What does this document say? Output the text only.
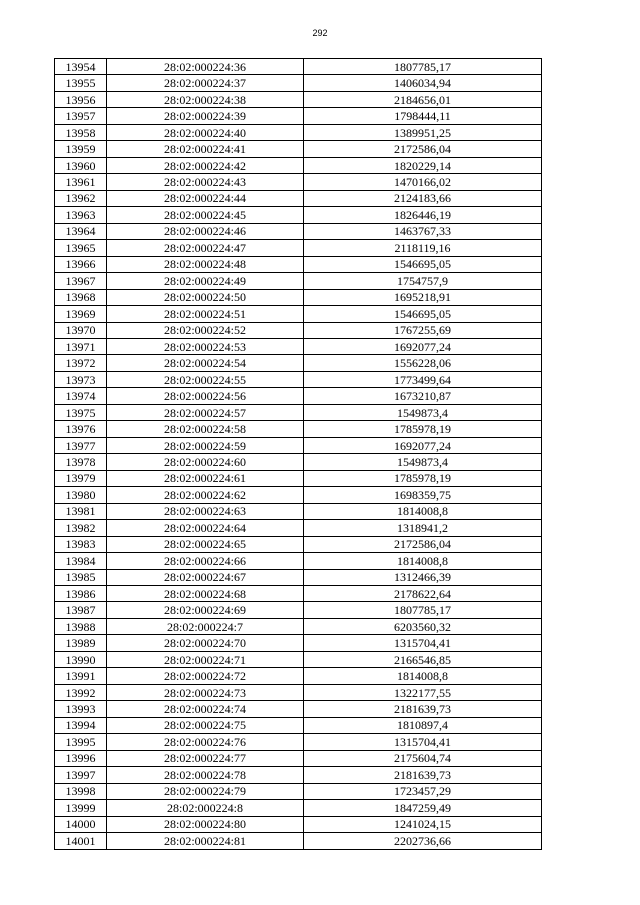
292
13954	28:02:000224:36	1807785,17
13955	28:02:000224:37	1406034,94
13956	28:02:000224:38	2184656,01
13957	28:02:000224:39	1798444,11
13958	28:02:000224:40	1389951,25
13959	28:02:000224:41	2172586,04
13960	28:02:000224:42	1820229,14
13961	28:02:000224:43	1470166,02
13962	28:02:000224:44	2124183,66
13963	28:02:000224:45	1826446,19
13964	28:02:000224:46	1463767,33
13965	28:02:000224:47	2118119,16
13966	28:02:000224:48	1546695,05
13967	28:02:000224:49	1754757,9
13968	28:02:000224:50	1695218,91
13969	28:02:000224:51	1546695,05
13970	28:02:000224:52	1767255,69
13971	28:02:000224:53	1692077,24
13972	28:02:000224:54	1556228,06
13973	28:02:000224:55	1773499,64
13974	28:02:000224:56	1673210,87
13975	28:02:000224:57	1549873,4
13976	28:02:000224:58	1785978,19
13977	28:02:000224:59	1692077,24
13978	28:02:000224:60	1549873,4
13979	28:02:000224:61	1785978,19
13980	28:02:000224:62	1698359,75
13981	28:02:000224:63	1814008,8
13982	28:02:000224:64	1318941,2
13983	28:02:000224:65	2172586,04
13984	28:02:000224:66	1814008,8
13985	28:02:000224:67	1312466,39
13986	28:02:000224:68	2178622,64
13987	28:02:000224:69	1807785,17
13988	28:02:000224:7	6203560,32
13989	28:02:000224:70	1315704,41
13990	28:02:000224:71	2166546,85
13991	28:02:000224:72	1814008,8
13992	28:02:000224:73	1322177,55
13993	28:02:000224:74	2181639,73
13994	28:02:000224:75	1810897,4
13995	28:02:000224:76	1315704,41
13996	28:02:000224:77	2175604,74
13997	28:02:000224:78	2181639,73
13998	28:02:000224:79	1723457,29
13999	28:02:000224:8	1847259,49
14000	28:02:000224:80	1241024,15
14001	28:02:000224:81	2202736,66
